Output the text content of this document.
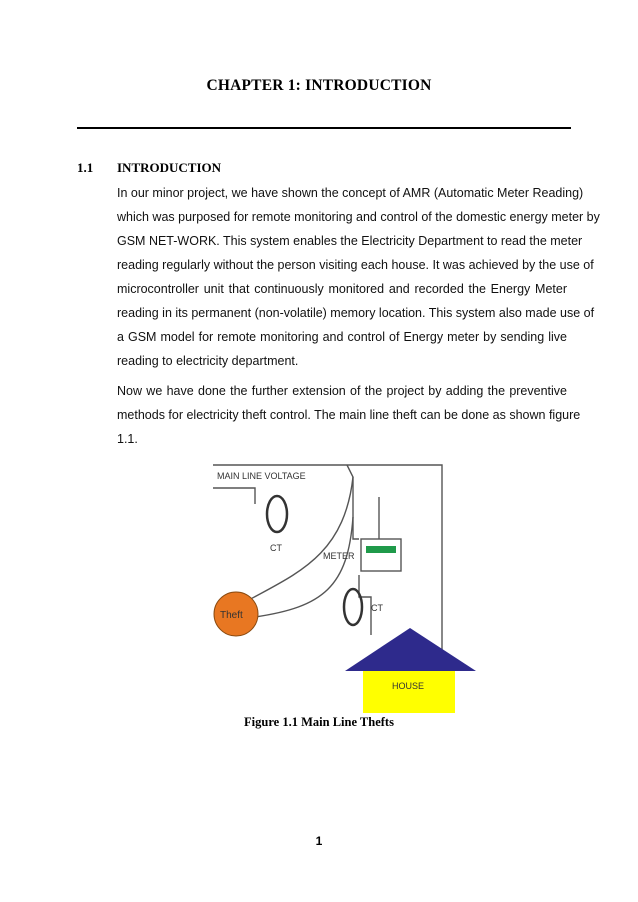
CHAPTER 1: INTRODUCTION
1.1 INTRODUCTION
In our minor project, we have shown the concept of AMR (Automatic Meter Reading)
which was purposed for remote monitoring and control of the domestic energy meter by
GSM NET-WORK. This system enables the Electricity Department to read the meter
reading regularly without the person visiting each house. It was achieved by the use of
microcontroller unit that continuously monitored and recorded the Energy Meter
reading in its permanent (non-volatile) memory location. This system also made use of
a GSM model for remote monitoring and control of Energy meter by sending live
reading to electricity department.
Now we have done the further extension of the project by adding the preventive
methods for electricity theft control. The main line theft can be done as shown figure
1.1.
CT
MAIN LINE VOLTAGE
METER
CT
Theft
HOUSE
Figure 1.1 Main Line Thefts
1
